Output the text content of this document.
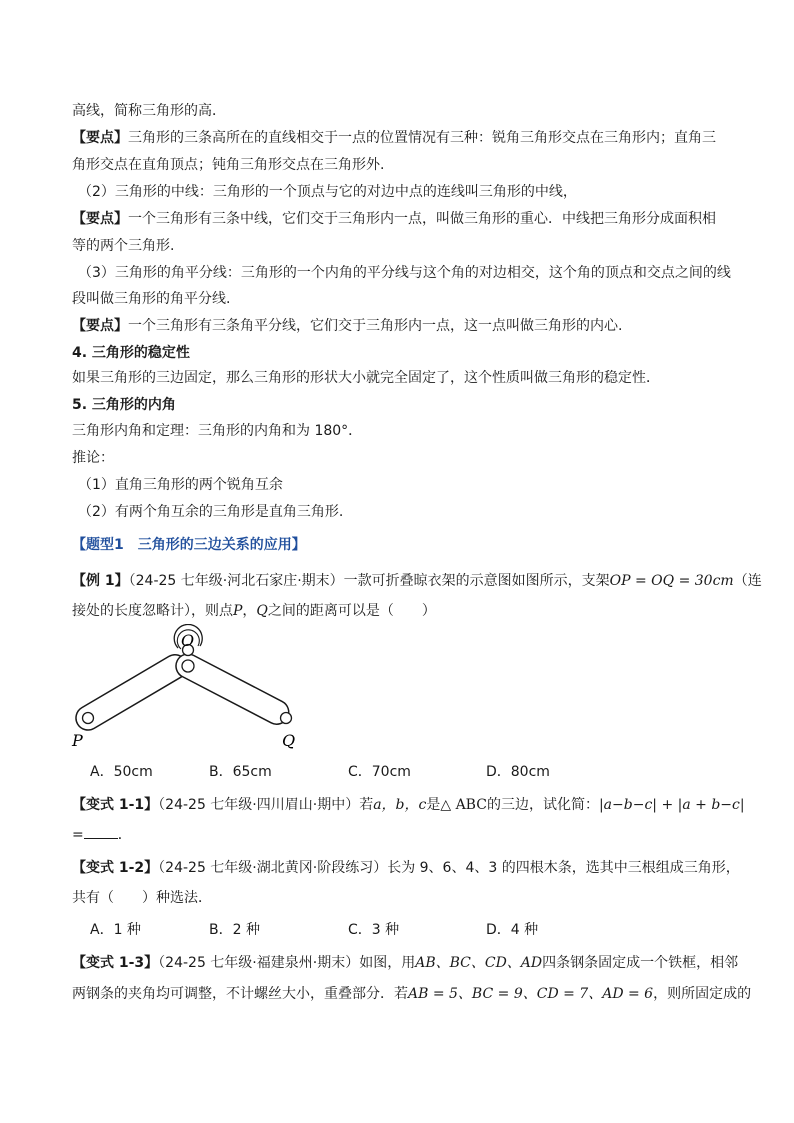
高线，简称三角形的高．
【要点】三角形的三条高所在的直线相交于一点的位置情况有三种：锐角三角形交点在三角形内；直角三
角形交点在直角顶点；钝角三角形交点在三角形外.
（2）三角形的中线：三角形的一个顶点与它的对边中点的连线叫三角形的中线，
【要点】一个三角形有三条中线，它们交于三角形内一点，叫做三角形的重心．中线把三角形分成面积相
等的两个三角形.
（3）三角形的角平分线：三角形的一个内角的平分线与这个角的对边相交，这个角的顶点和交点之间的线
段叫做三角形的角平分线.
【要点】一个三角形有三条角平分线，它们交于三角形内一点，这一点叫做三角形的内心.
4. 三角形的稳定性
如果三角形的三边固定，那么三角形的形状大小就完全固定了，这个性质叫做三角形的稳定性．
5. 三角形的内角
三角形内角和定理：三角形的内角和为 180°．
推论：
（1）直角三角形的两个锐角互余
（2）有两个角互余的三角形是直角三角形.
【题型1　三角形的三边关系的应用】
【例 1】（24-25 七年级·河北石家庄·期末）一款可折叠晾衣架的示意图如图所示，支架OP = OQ = 30cm（连
接处的长度忽略计），则点P，Q之间的距离可以是（　　）
O
P	Q
A．50cm	B．65cm	C．70cm	D．80cm
【变式 1-1】（24-25 七年级·四川眉山·期中）若a，b，c是△ ABC的三边，试化简：|a−b−c| + |a + b−c|
= ．
【变式 1-2】（24-25 七年级·湖北黄冈·阶段练习）长为 9、6、4、3 的四根木条，选其中三根组成三角形，
共有（　　）种选法．
A．1 种	B．2 种	C．3 种	D．4 种
【变式 1-3】（24-25 七年级·福建泉州·期末）如图，用AB、BC、CD、AD四条钢条固定成一个铁框，相邻
两钢条的夹角均可调整，不计螺丝大小，重叠部分．若AB = 5、BC = 9、CD = 7、AD = 6，则所固定成的
